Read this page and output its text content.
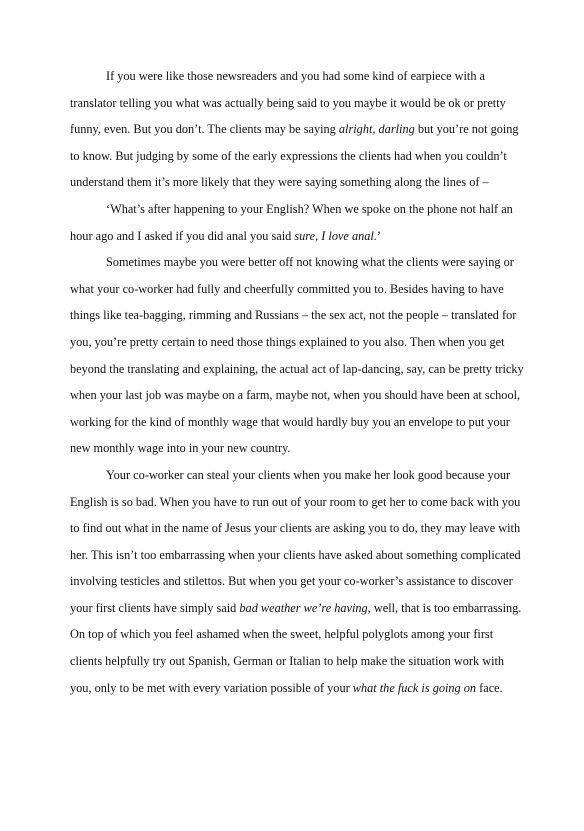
If you were like those newsreaders and you had some kind of earpiece with a translator telling you what was actually being said to you maybe it would be ok or pretty funny, even. But you don’t. The clients may be saying alright, darling but you’re not going to know. But judging by some of the early expressions the clients had when you couldn’t understand them it’s more likely that they were saying something along the lines of –

‘What’s after happening to your English? When we spoke on the phone not half an hour ago and I asked if you did anal you said sure, I love anal.’

Sometimes maybe you were better off not knowing what the clients were saying or what your co-worker had fully and cheerfully committed you to. Besides having to have things like tea-bagging, rimming and Russians – the sex act, not the people – translated for you, you’re pretty certain to need those things explained to you also. Then when you get beyond the translating and explaining, the actual act of lap-dancing, say, can be pretty tricky when your last job was maybe on a farm, maybe not, when you should have been at school, working for the kind of monthly wage that would hardly buy you an envelope to put your new monthly wage into in your new country.

Your co-worker can steal your clients when you make her look good because your English is so bad. When you have to run out of your room to get her to come back with you to find out what in the name of Jesus your clients are asking you to do, they may leave with her. This isn’t too embarrassing when your clients have asked about something complicated involving testicles and stilettos. But when you get your co-worker’s assistance to discover your first clients have simply said bad weather we’re having, well, that is too embarrassing. On top of which you feel ashamed when the sweet, helpful polyglots among your first clients helpfully try out Spanish, German or Italian to help make the situation work with you, only to be met with every variation possible of your what the fuck is going on face.
